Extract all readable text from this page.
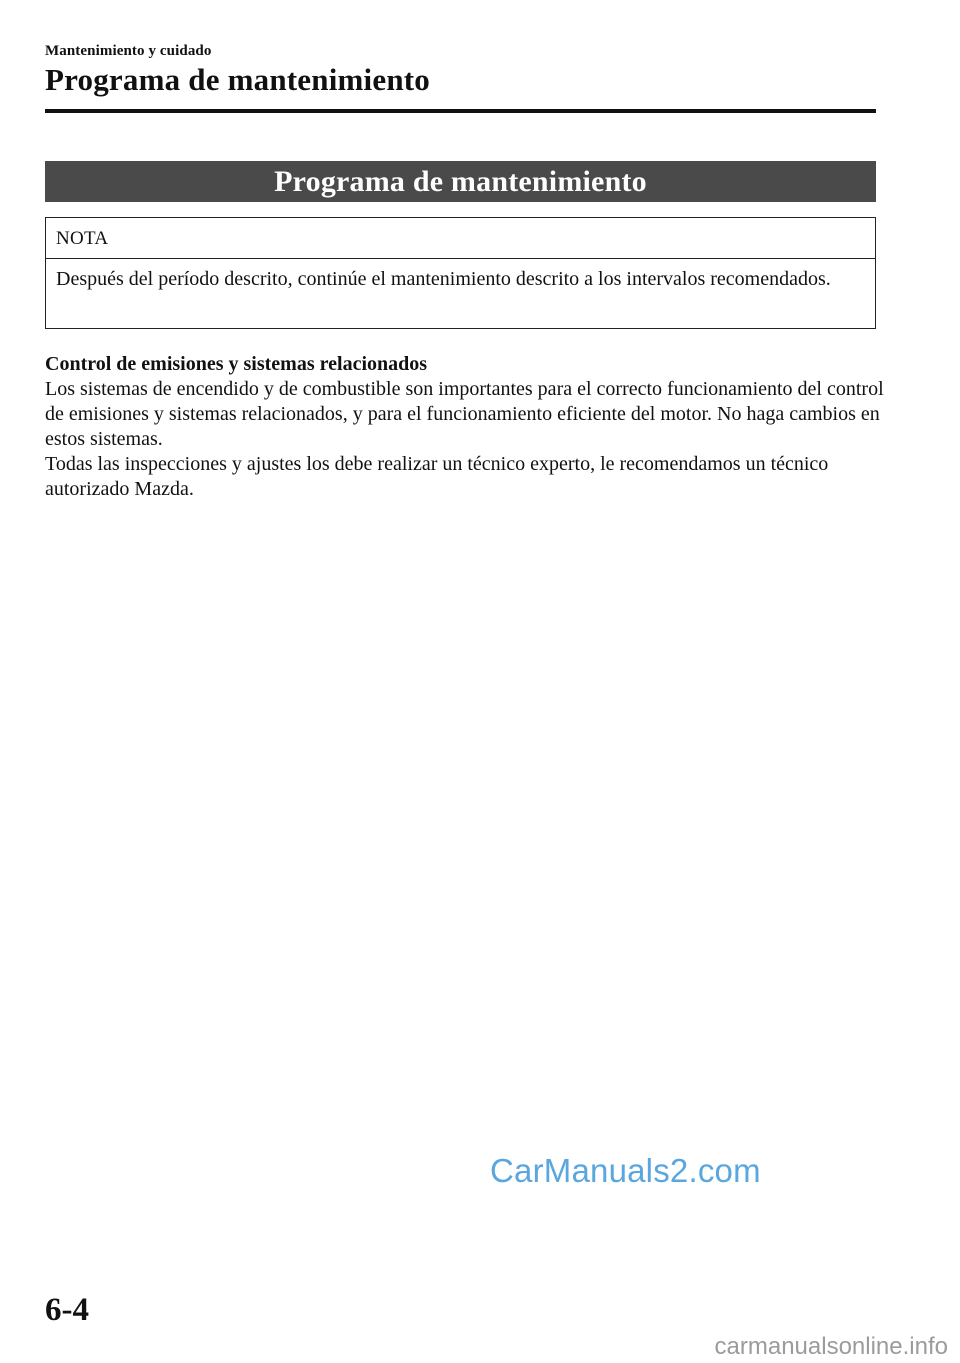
Mantenimiento y cuidado
Programa de mantenimiento
Programa de mantenimiento
NOTA
Después del período descrito, continúe el mantenimiento descrito a los intervalos recomendados.

Control de emisiones y sistemas relacionados

Los sistemas de encendido y de combustible son importantes para el correcto funcionamiento del control de emisiones y sistemas relacionados, y para el funcionamiento eficiente del motor. No haga cambios en estos sistemas.

Todas las inspecciones y ajustes los debe realizar un técnico experto, le recomendamos un técnico autorizado Mazda.

CarManuals2.com
6-4
carmanualsonline.info
